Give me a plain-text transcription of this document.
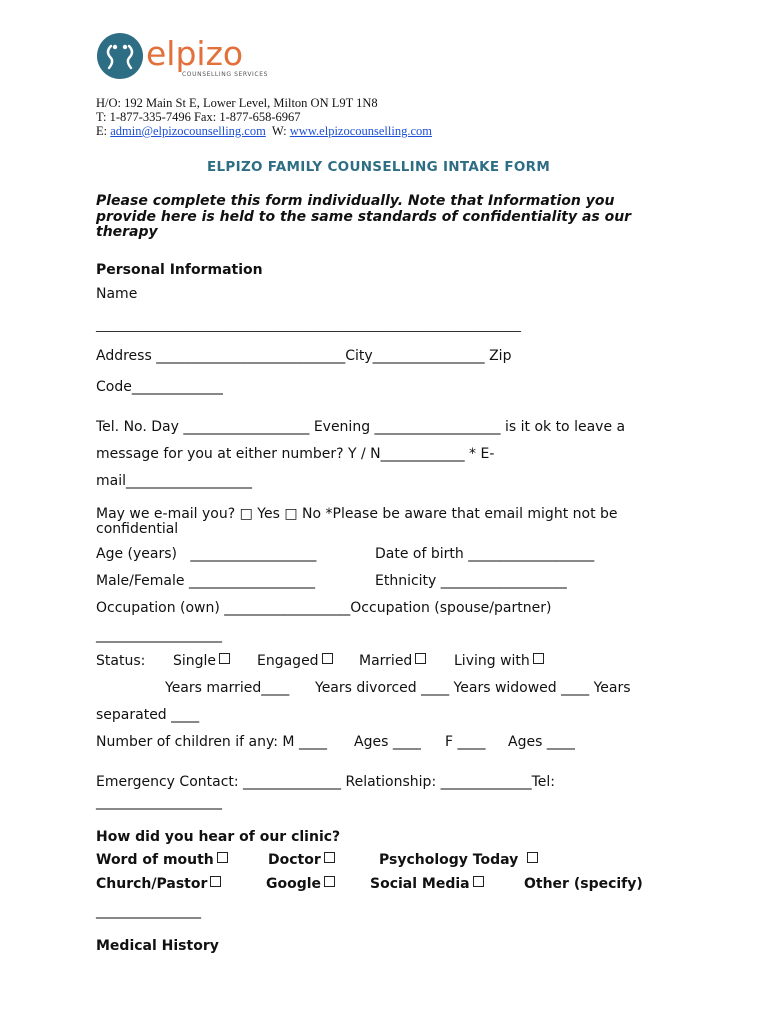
elpizo
COUNSELLING SERVICES
H/O: 192 Main St E, Lower Level, Milton ON L9T 1N8
T: 1-877-335-7496 Fax: 1-877-658-6967
E: admin@elpizocounselling.com  W: www.elpizocounselling.com
ELPIZO FAMILY COUNSELLING INTAKE FORM
Please complete this form individually. Note that Information you
provide here is held to the same standards of confidentiality as our
therapy
Personal Information
Name
____________________________________________________________________
Address ___________________________City________________ Zip
Code_____________
Tel. No. Day __________________ Evening __________________ is it ok to leave a
message for you at either number? Y / N____________ * E-
mail__________________
May we e-mail you? □ Yes □ No *Please be aware that email might not be
confidential
Age (years)   __________________	Date of birth __________________
Male/Female __________________	Ethnicity __________________
Occupation (own) __________________Occupation (spouse/partner)
__________________
Status: Single	Engaged	Married	Living with
Years married____ Years divorced ____ Years widowed ____ Years
separated ____
Number of children if any: M ____ Ages ____ F ____ Ages ____
Emergency Contact: ______________ Relationship: _____________Tel:
__________________
How did you hear of our clinic?
Word of mouth	Doctor	Psychology Today
Church/Pastor	Google	Social Media	Other (specify)
_______________
Medical History
